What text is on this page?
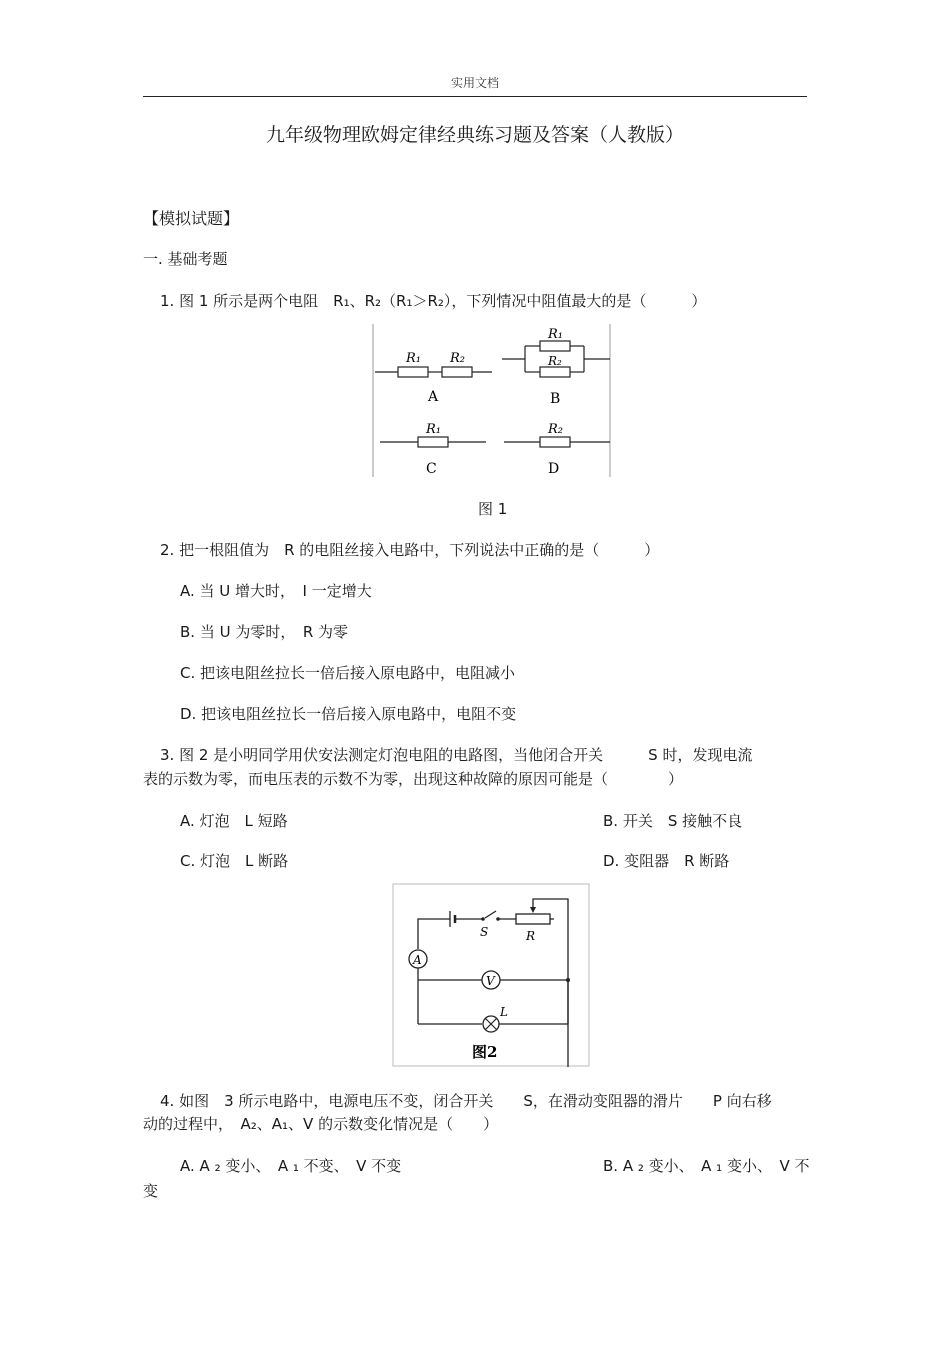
实用文档
九年级物理欧姆定律经典练习题及答案（人教版）
【模拟试题】
一. 基础考题
1. 图 1 所示是两个电阻　R₁、R₂（R₁＞R₂），下列情况中阻值最大的是（　　　）
R₁ R₂
A
R₁
R₂
B
R₁
C
R₂
D
图 1
2. 把一根阻值为　R 的电阻丝接入电路中，下列说法中正确的是（　　　）
A. 当 U 增大时，　I 一定增大
B. 当 U 为零时，　R 为零
C. 把该电阻丝拉长一倍后接入原电路中，电阻减小
D. 把该电阻丝拉长一倍后接入原电路中，电阻不变
3. 图 2 是小明同学用伏安法测定灯泡电阻的电路图，当他闭合开关　　　S 时，发现电流
表的示数为零，而电压表的示数不为零，出现这种故障的原因可能是（　　　　）
A. 灯泡　L 短路	B. 开关　S 接触不良
C. 灯泡　L 断路	D. 变阻器　R 断路
S	R
A
V
L
图2
4. 如图　3 所示电路中，电源电压不变，闭合开关　　S，在滑动变阻器的滑片　　P 向右移
动的过程中，　A₂、A₁、V 的示数变化情况是（　　）
A. A ₂ 变小、　A ₁ 不变、　V 不变	B. A ₂ 变小、　A ₁ 变小、　V 不
变
